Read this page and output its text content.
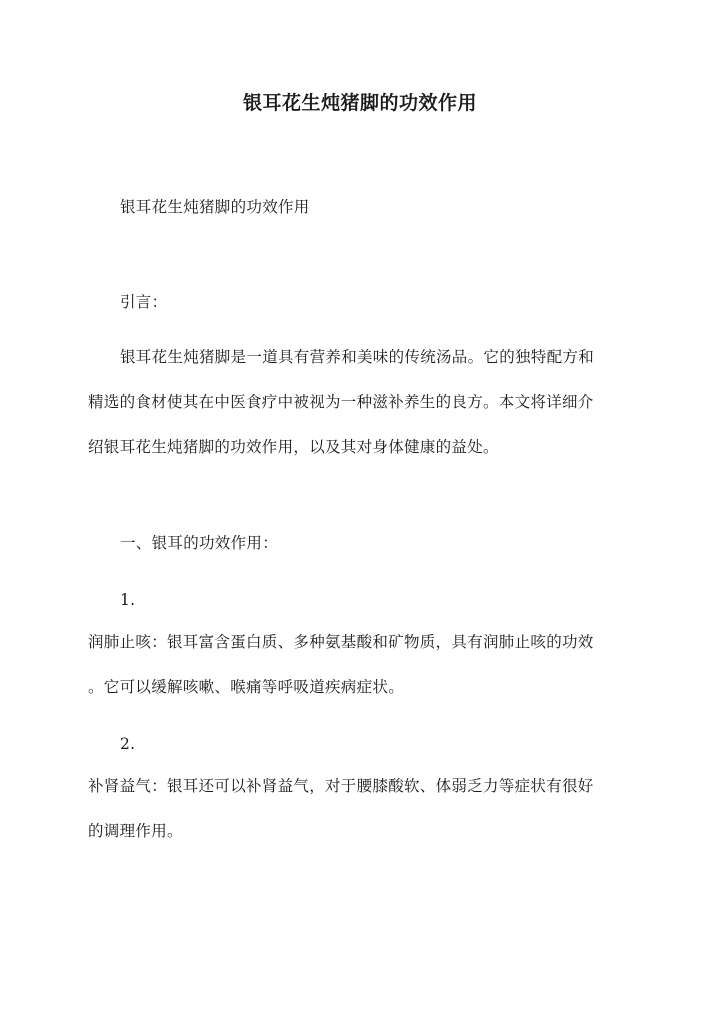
银耳花生炖猪脚的功效作用
银耳花生炖猪脚的功效作用
引言：
银耳花生炖猪脚是一道具有营养和美味的传统汤品。它的独特配方和
精选的食材使其在中医食疗中被视为一种滋补养生的良方。本文将详细介
绍银耳花生炖猪脚的功效作用，以及其对身体健康的益处。
一、银耳的功效作用：
1.
润肺止咳：银耳富含蛋白质、多种氨基酸和矿物质，具有润肺止咳的功效
。它可以缓解咳嗽、喉痛等呼吸道疾病症状。
2.
补肾益气：银耳还可以补肾益气，对于腰膝酸软、体弱乏力等症状有很好
的调理作用。
